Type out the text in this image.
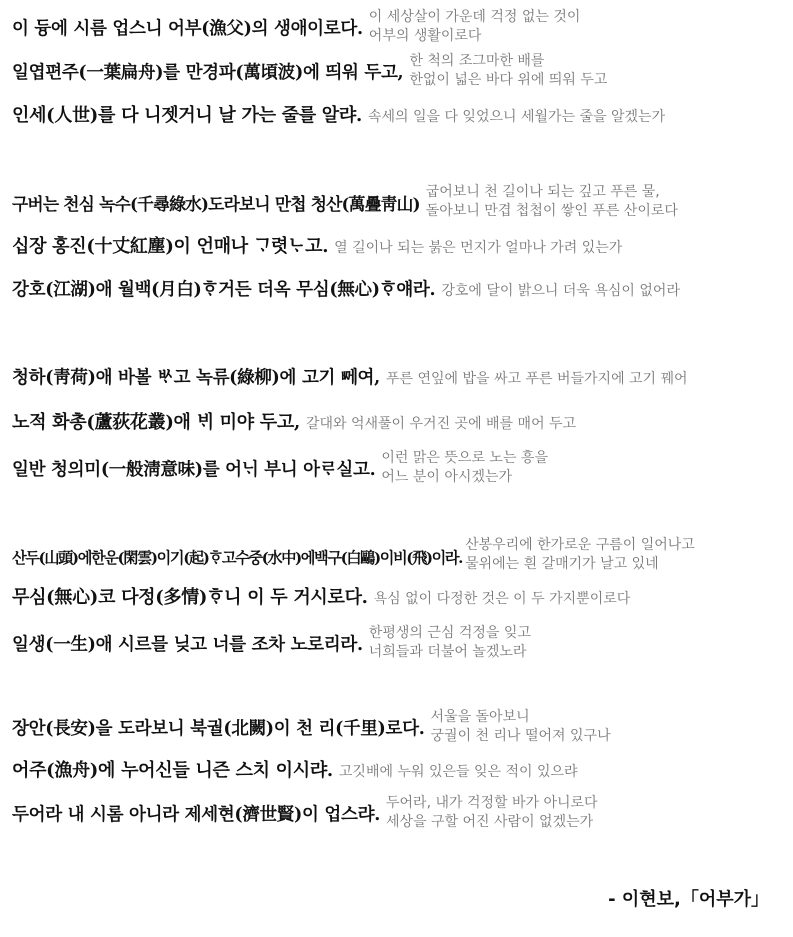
이 듕에 시름 업스니 어부(漁父)의 생애이로다.
이 세상살이 가운데 걱정 없는 것이
어부의 생활이로다
일엽편주(一葉扁舟)를 만경파(萬頃波)에 띄워 두고,
한 척의 조그마한 배를
한없이 넓은 바다 위에 띄워 두고
인세(人世)를 다 니젯거니 날 가는 줄를 알랴. 속세의 일을 다 잊었으니 세월가는 줄을 알겠는가
구버는 천심 녹수(千尋綠水)도라보니 만첩 청산(萬疊靑山)
굽어보니 천 길이나 되는 깊고 푸른 물,
돌아보니 만겹 첩첩이 쌓인 푸른 산이로다
십장 홍진(十丈紅塵)이 언매나 ᄀᆞ렷ᄂᆞ고. 열 길이나 되는 붉은 먼지가 얼마나 가려 있는가
강호(江湖)애 월백(月白)ᄒᆞ거든 더옥 무심(無心)ᄒᆞ얘라. 강호에 달이 밝으니 더욱 욕심이 없어라
청하(靑荷)애 바볼 ᄡᆞ고 녹류(綠柳)에 고기 ᄢᅦ여, 푸른 연잎에 밥을 싸고 푸른 버들가지에 고기 꿰어
노적 화총(蘆荻花叢)애 ᄇᆡ 미야 두고, 갈대와 억새풀이 우거진 곳에 배를 매어 두고
일반 청의미(一般淸意味)를 어ᄂᆡ 부니 아ᄅᆞ실고.
이런 맑은 뜻으로 노는 흥을
어느 분이 아시겠는가
산두(山頭)에한운(閑雲)이기(起)ᄒᆞ고수중(水中)에백구(白鷗)이비(飛)이라.
산봉우리에 한가로운 구름이 일어나고
물위에는 흰 갈매기가 날고 있네
무심(無心)코 다정(多情)ᄒᆞ니 이 두 거시로다. 욕심 없이 다정한 것은 이 두 가지뿐이로다
일생(一生)애 시르믈 닞고 너를 조차 노로리라.
한평생의 근심 걱정을 잊고
너희들과 더불어 놀겠노라
장안(長安)을 도라보니 북궐(北闕)이 천 리(千里)로다.
서울을 돌아보니
궁궐이 천 리나 떨어져 있구나
어주(漁舟)에 누어신들 니즌 스치 이시랴. 고깃배에 누워 있은들 잊은 적이 있으랴
두어라 내 시롬 아니라 제세현(濟世賢)이 업스랴.
두어라, 내가 걱정할 바가 아니로다
세상을 구할 어진 사람이 없겠는가
- 이현보,「어부가」
